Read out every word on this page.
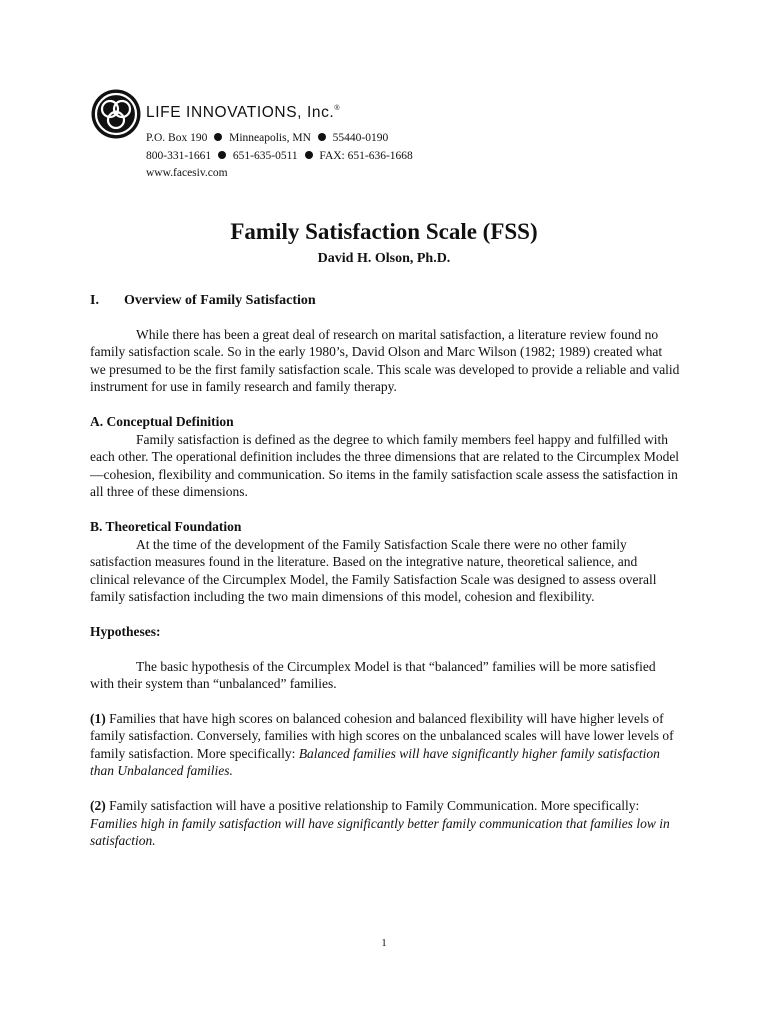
LIFE INNOVATIONS, Inc.®
P.O. Box 190 Minneapolis, MN 55440-0190
800-331-1661 651-635-0511 FAX: 651-636-1668
www.facesiv.com
Family Satisfaction Scale (FSS)
David H. Olson, Ph.D.
I. Overview of Family Satisfaction

While there has been a great deal of research on marital satisfaction, a literature review found no family satisfaction scale. So in the early 1980’s, David Olson and Marc Wilson (1982; 1989) created what we presumed to be the first family satisfaction scale. This scale was developed to provide a reliable and valid instrument for use in family research and family therapy.

A. Conceptual Definition
Family satisfaction is defined as the degree to which family members feel happy and fulfilled with each other. The operational definition includes the three dimensions that are related to the Circumplex Model—cohesion, flexibility and communication. So items in the family satisfaction scale assess the satisfaction in all three of these dimensions.

B. Theoretical Foundation
At the time of the development of the Family Satisfaction Scale there were no other family satisfaction measures found in the literature. Based on the integrative nature, theoretical salience, and clinical relevance of the Circumplex Model, the Family Satisfaction Scale was designed to assess overall family satisfaction including the two main dimensions of this model, cohesion and flexibility.

Hypotheses:

The basic hypothesis of the Circumplex Model is that “balanced” families will be more satisfied with their system than “unbalanced” families.

(1) Families that have high scores on balanced cohesion and balanced flexibility will have higher levels of family satisfaction. Conversely, families with high scores on the unbalanced scales will have lower levels of family satisfaction. More specifically: Balanced families will have significantly higher family satisfaction than Unbalanced families.

(2) Family satisfaction will have a positive relationship to Family Communication. More specifically: Families high in family satisfaction will have significantly better family communication that families low in satisfaction.

1
